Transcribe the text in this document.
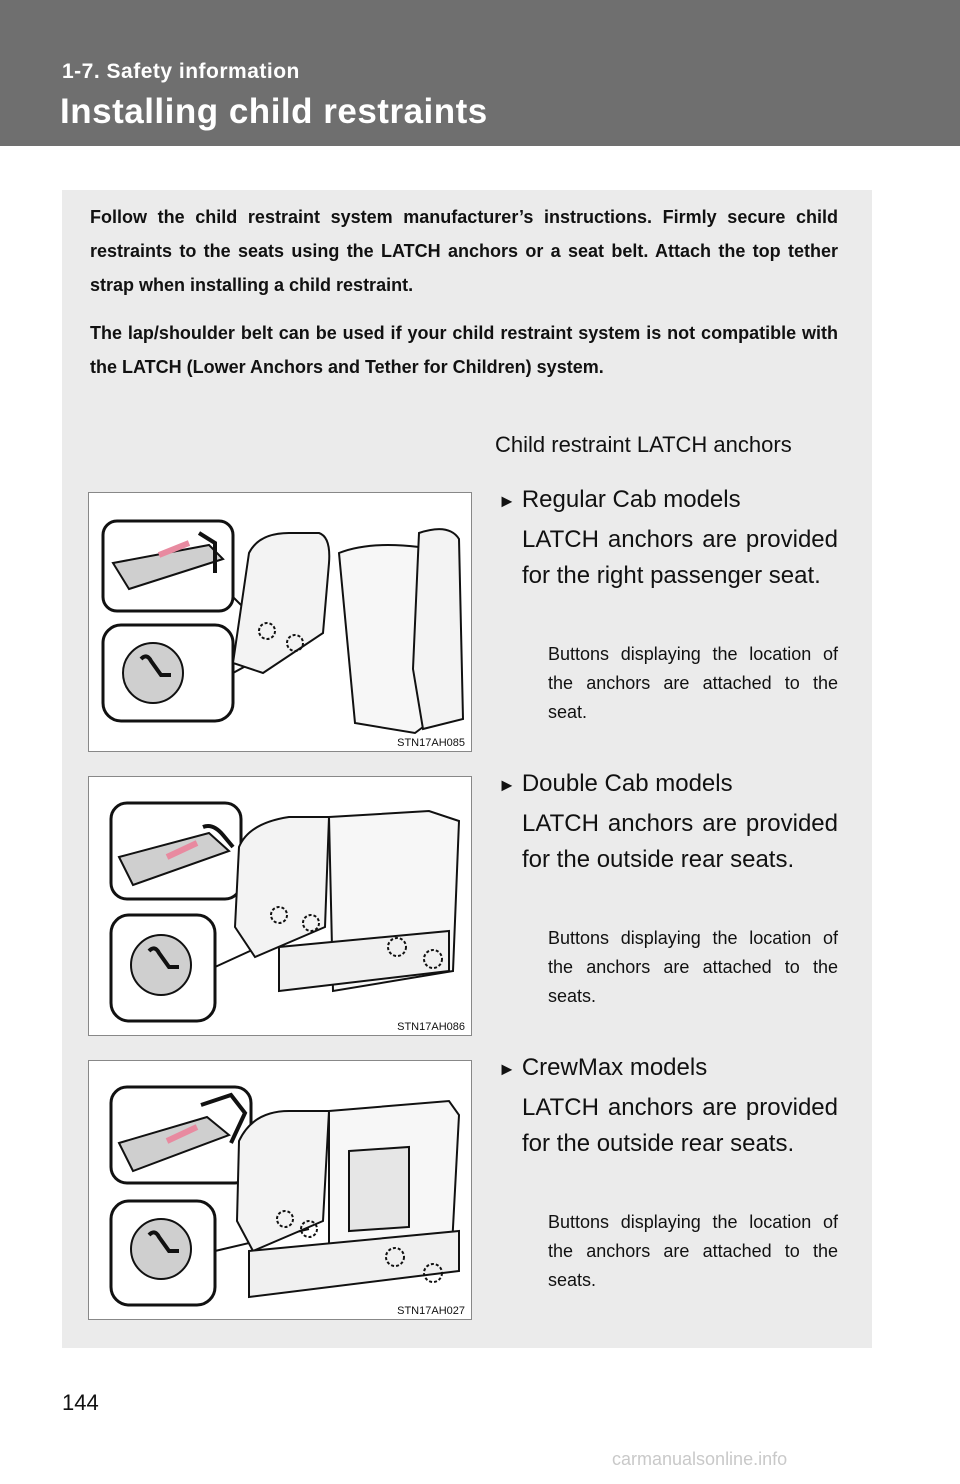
1-7. Safety information
Installing child restraints
Follow the child restraint system manufacturer’s instructions. Firmly secure child restraints to the seats using the LATCH anchors or a seat belt. Attach the top tether strap when installing a child restraint.
The lap/shoulder belt can be used if your child restraint system is not compatible with the LATCH (Lower Anchors and Tether for Children) system.
Child restraint LATCH anchors
STN17AH085
► Regular Cab models
LATCH anchors are provided for the right passenger seat.
Buttons displaying the location of the anchors are attached to the seat.
STN17AH086
► Double Cab models
LATCH anchors are provided for the outside rear seats.
Buttons displaying the location of the anchors are attached to the seats.
STN17AH027
► CrewMax models
LATCH anchors are provided for the outside rear seats.
Buttons displaying the location of the anchors are attached to the seats.
144
carmanualsonline.info
